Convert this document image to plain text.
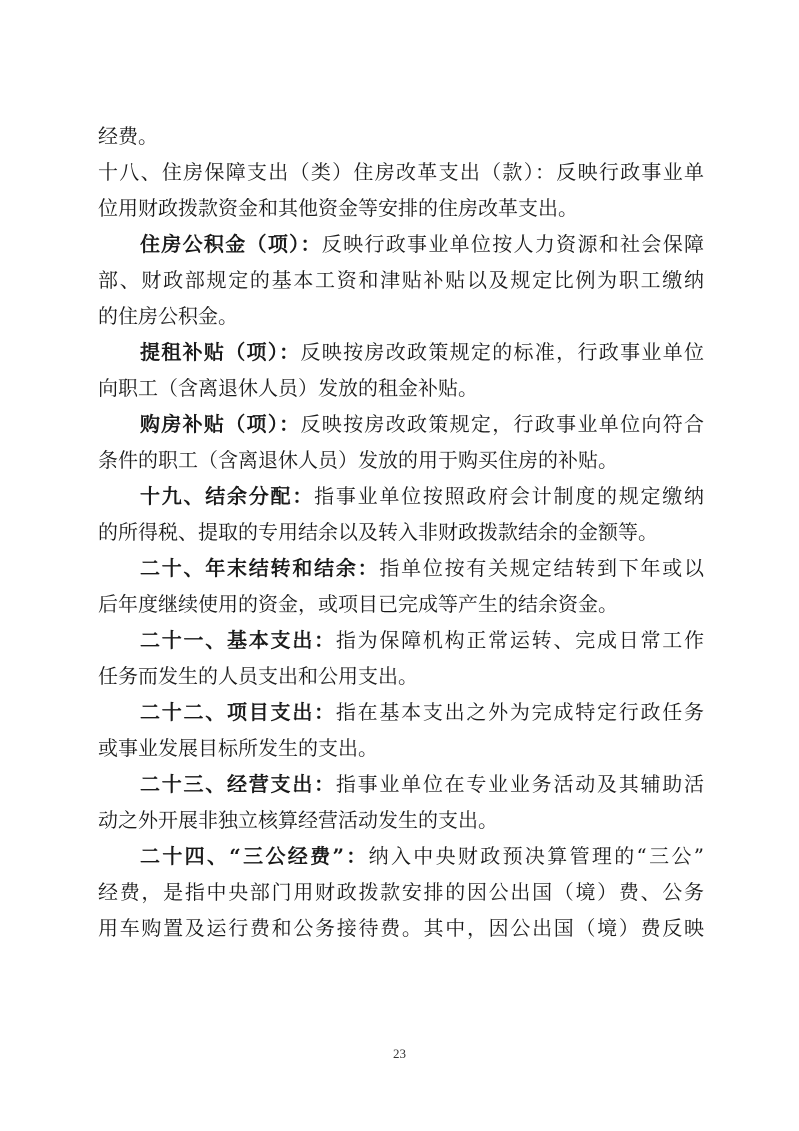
经费。
十八、住房保障支出（类）住房改革支出（款）：反映行政事业单
位用财政拨款资金和其他资金等安排的住房改革支出。
住房公积金（项）：反映行政事业单位按人力资源和社会保障
部、财政部规定的基本工资和津贴补贴以及规定比例为职工缴纳
的住房公积金。
提租补贴（项）：反映按房改政策规定的标准，行政事业单位
向职工（含离退休人员）发放的租金补贴。
购房补贴（项）：反映按房改政策规定，行政事业单位向符合
条件的职工（含离退休人员）发放的用于购买住房的补贴。
十九、结余分配：指事业单位按照政府会计制度的规定缴纳
的所得税、提取的专用结余以及转入非财政拨款结余的金额等。
二十、年末结转和结余：指单位按有关规定结转到下年或以
后年度继续使用的资金，或项目已完成等产生的结余资金。
二十一、基本支出：指为保障机构正常运转、完成日常工作
任务而发生的人员支出和公用支出。
二十二、项目支出：指在基本支出之外为完成特定行政任务
或事业发展目标所发生的支出。
二十三、经营支出：指事业单位在专业业务活动及其辅助活
动之外开展非独立核算经营活动发生的支出。
二十四、“三公经费”：纳入中央财政预决算管理的“三公”
经费，是指中央部门用财政拨款安排的因公出国（境）费、公务
用车购置及运行费和公务接待费。其中，因公出国（境）费反映
23
